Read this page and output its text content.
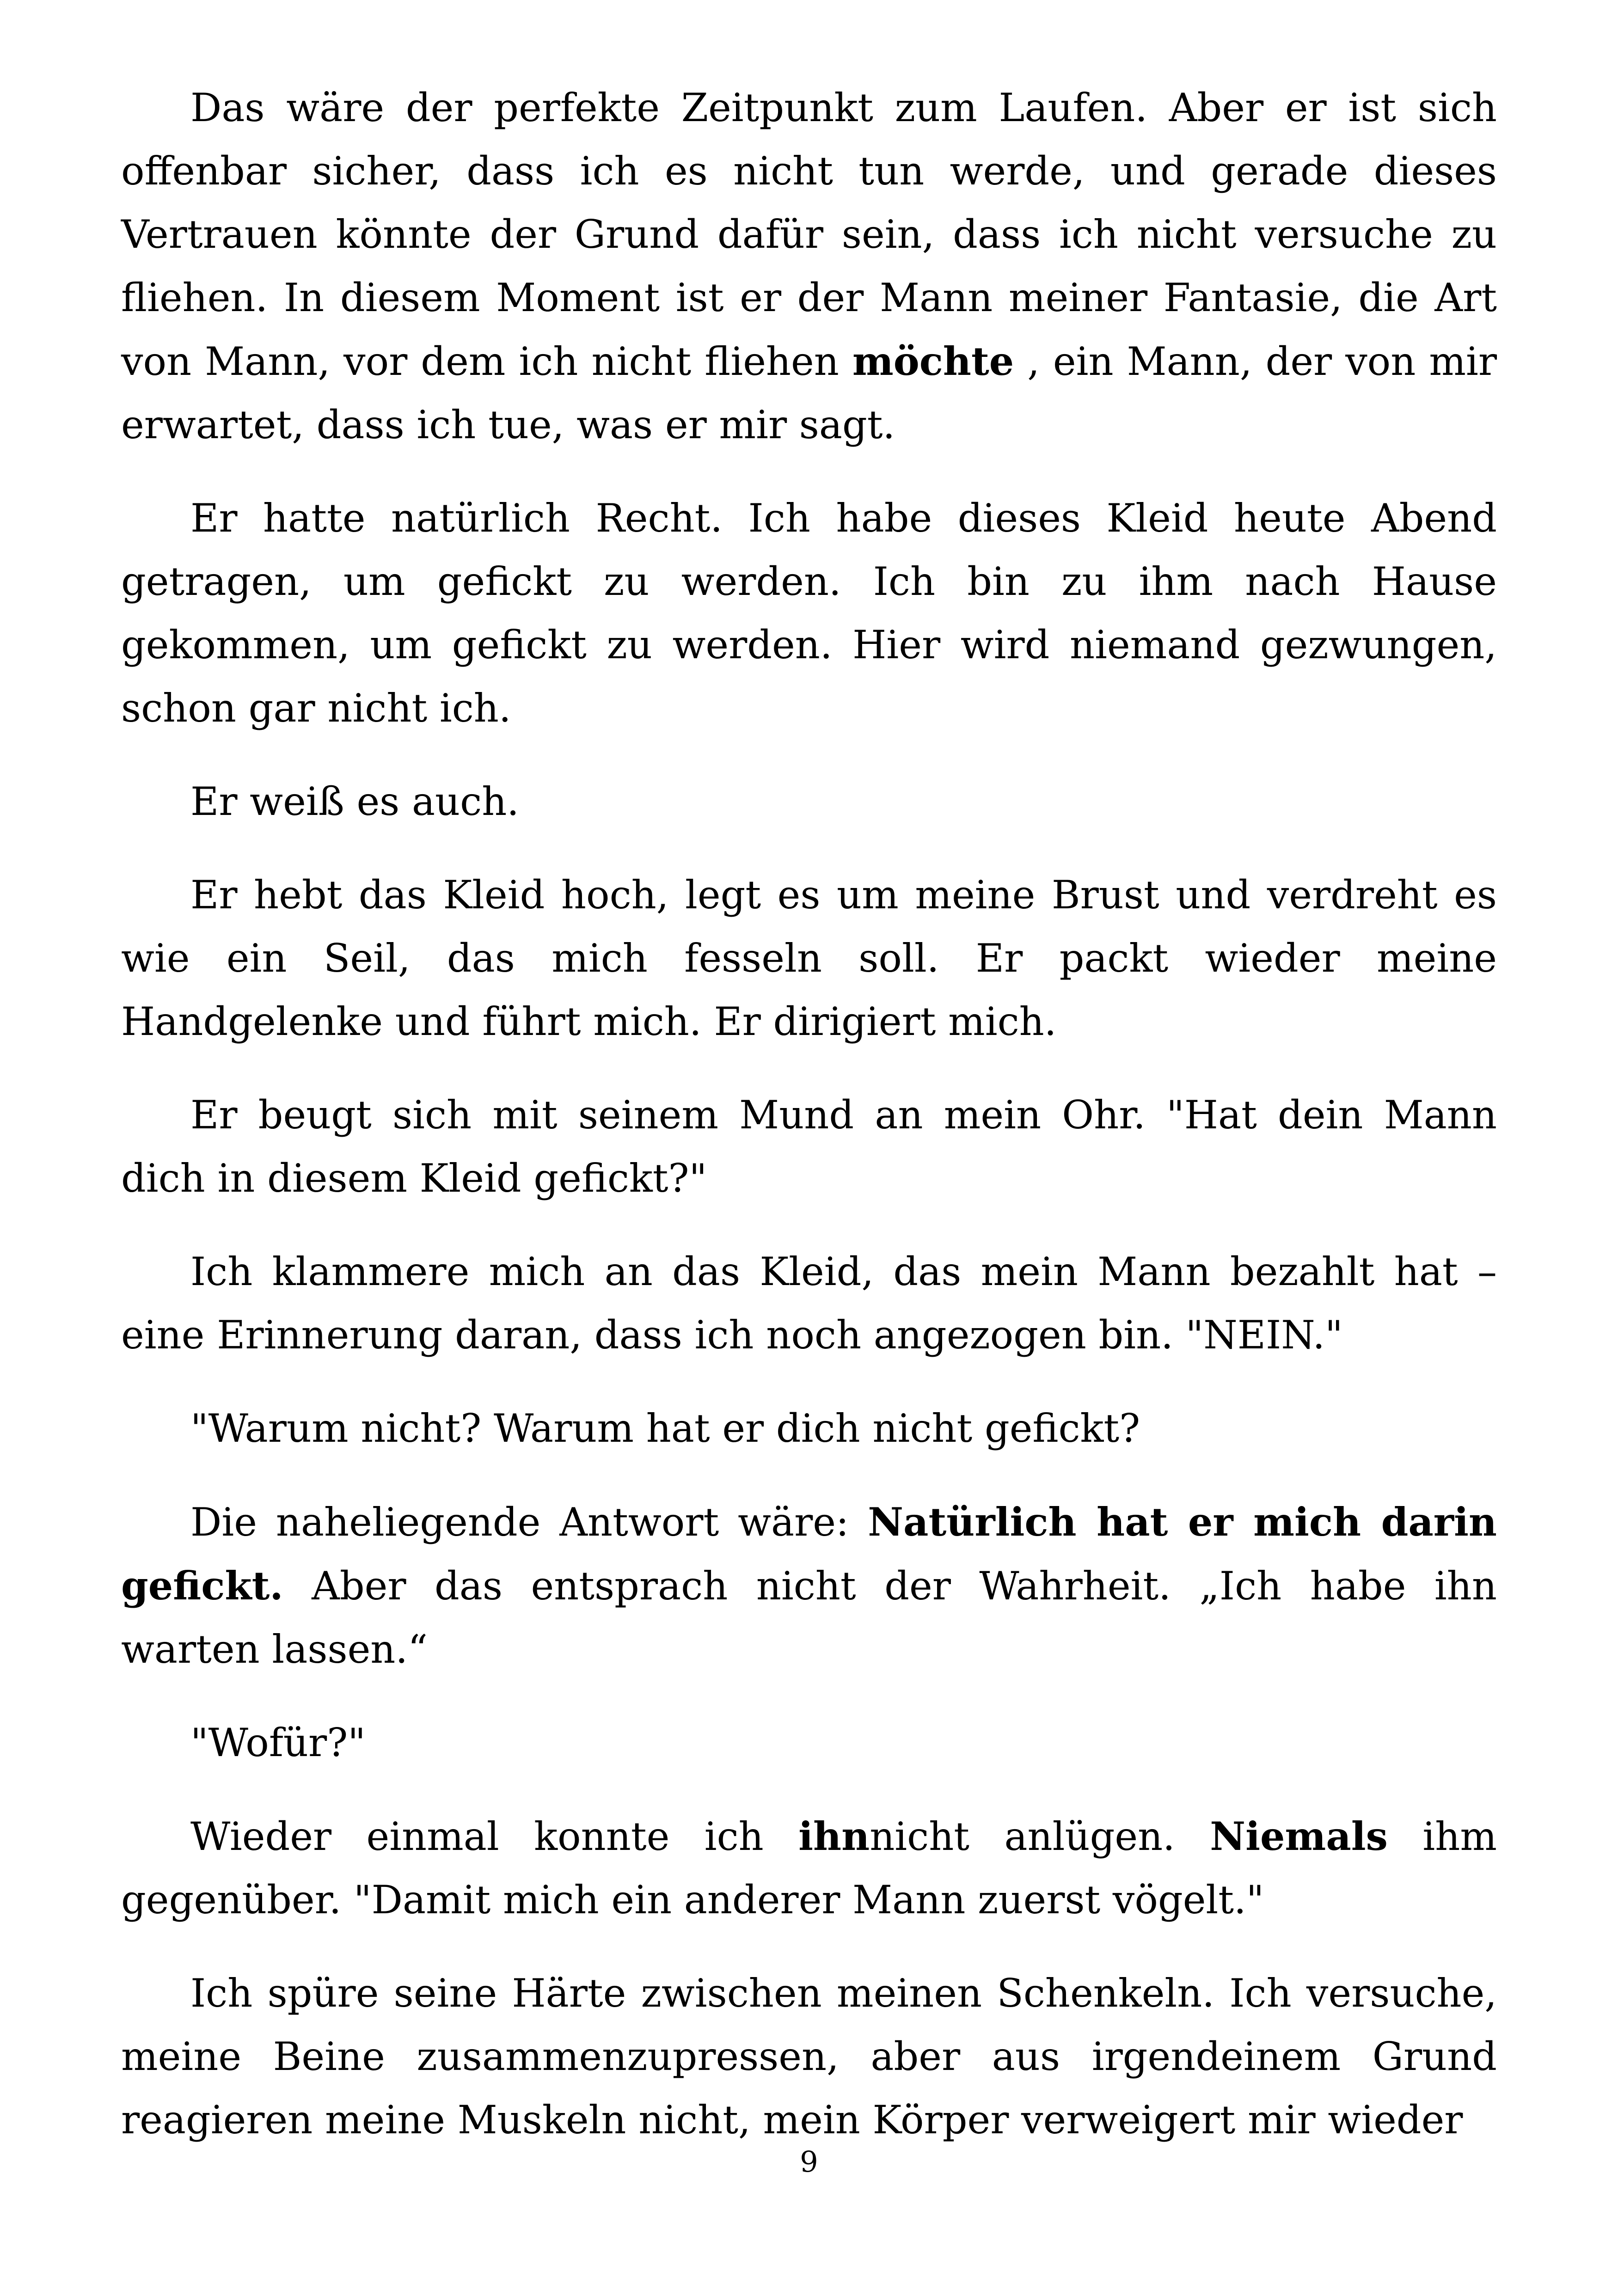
Das wäre der perfekte Zeitpunkt zum Laufen. Aber er ist sich offenbar sicher, dass ich es nicht tun werde, und gerade dieses Vertrauen könnte der Grund dafür sein, dass ich nicht versuche zu fliehen. In diesem Moment ist er der Mann meiner Fantasie, die Art von Mann, vor dem ich nicht fliehen möchte , ein Mann, der von mir erwartet, dass ich tue, was er mir sagt.

Er hatte natürlich Recht. Ich habe dieses Kleid heute Abend getragen, um gefickt zu werden. Ich bin zu ihm nach Hause gekommen, um gefickt zu werden. Hier wird niemand gezwungen, schon gar nicht ich.

Er weiß es auch.

Er hebt das Kleid hoch, legt es um meine Brust und verdreht es wie ein Seil, das mich fesseln soll. Er packt wieder meine Handgelenke und führt mich. Er dirigiert mich.

Er beugt sich mit seinem Mund an mein Ohr. "Hat dein Mann dich in diesem Kleid gefickt?"

Ich klammere mich an das Kleid, das mein Mann bezahlt hat – eine Erinnerung daran, dass ich noch angezogen bin. "NEIN."

"Warum nicht? Warum hat er dich nicht gefickt?

Die naheliegende Antwort wäre: Natürlich hat er mich darin gefickt. Aber das entsprach nicht der Wahrheit. „Ich habe ihn warten lassen.“

"Wofür?"

Wieder einmal konnte ich ihnnicht anlügen. Niemals ihm gegenüber. "Damit mich ein anderer Mann zuerst vögelt."

Ich spüre seine Härte zwischen meinen Schenkeln. Ich versuche, meine Beine zusammenzupressen, aber aus irgendeinem Grund reagieren meine Muskeln nicht, mein Körper verweigert mir wieder

9
